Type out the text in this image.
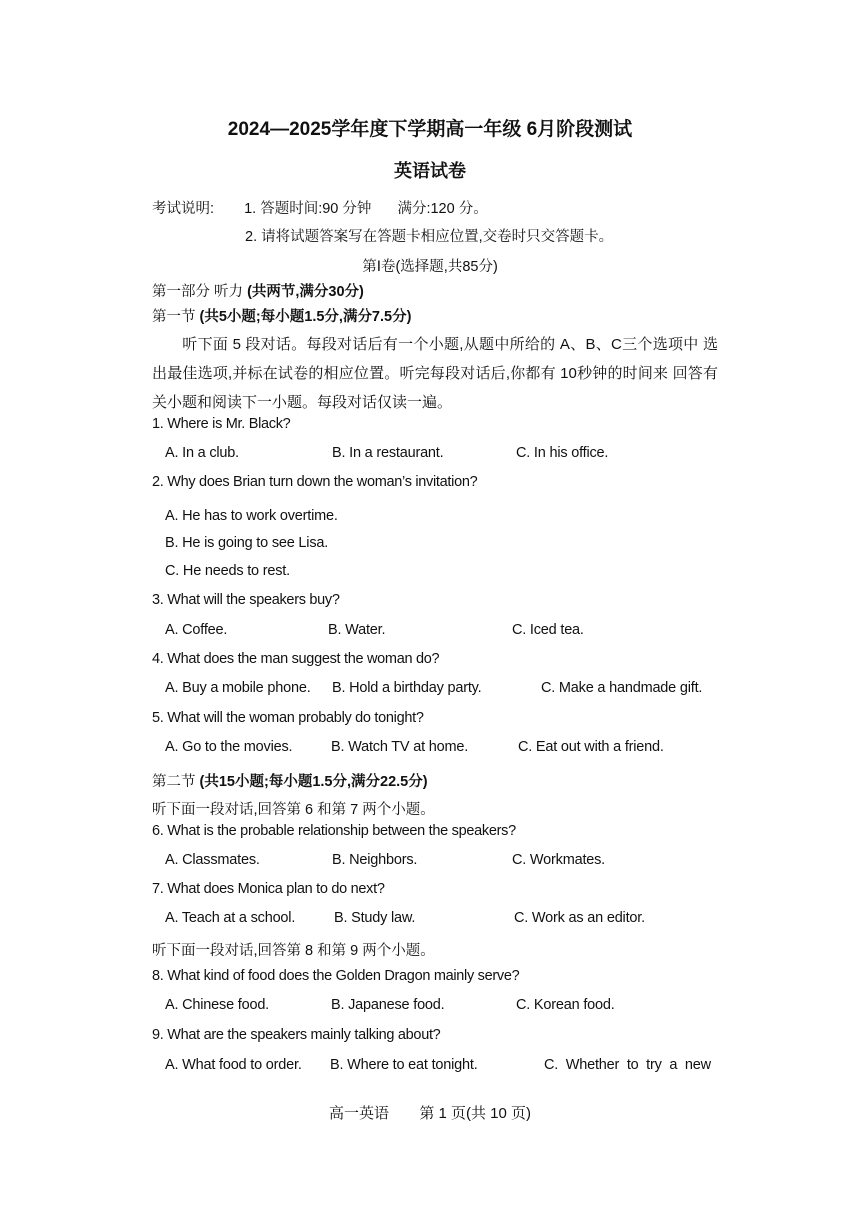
2024—2025学年度下学期高一年级 6月阶段测试
英语试卷
考试说明: 1. 答题时间:90 分钟 满分:120 分。
2. 请将试题答案写在答题卡相应位置,交卷时只交答题卡。
第Ⅰ卷(选择题,共85分)
第一部分 听力 (共两节,满分30分)
第一节 (共5小题;每小题1.5分,满分7.5分)
听下面 5 段对话。每段对话后有一个小题,从题中所给的 A、B、C三个选项中 选出最佳选项,并标在试卷的相应位置。听完每段对话后,你都有 10秒钟的时间来 回答有关小题和阅读下一小题。每段对话仅读一遍。
1. Where is Mr. Black?
A. In a club.	B. In a restaurant.	C. In his office.
2. Why does Brian turn down the woman’s invitation?
A. He has to work overtime.
B. He is going to see Lisa.
C. He needs to rest.
3. What will the speakers buy?
A. Coffee.	B. Water.	C. Iced tea.
4. What does the man suggest the woman do?
A. Buy a mobile phone. B. Hold a birthday party.	C. Make a handmade gift.
5. What will the woman probably do tonight?
A. Go to the movies.	B. Watch TV at home.	C. Eat out with a friend.
第二节 (共15小题;每小题1.5分,满分22.5分)
听下面一段对话,回答第 6 和第 7 两个小题。
6. What is the probable relationship between the speakers?
A. Classmates.	B. Neighbors.	C. Workmates.
7. What does Monica plan to do next?
A. Teach at a school.	B. Study law.	C. Work as an editor.
听下面一段对话,回答第 8 和第 9 两个小题。
8. What kind of food does the Golden Dragon mainly serve?
A. Chinese food.	B. Japanese food.	C. Korean food.
9. What are the speakers mainly talking about?
A. What food to order. B. Where to eat tonight.	C.  Whether  to  try  a  new
高一英语 第 1 页(共 10 页)
